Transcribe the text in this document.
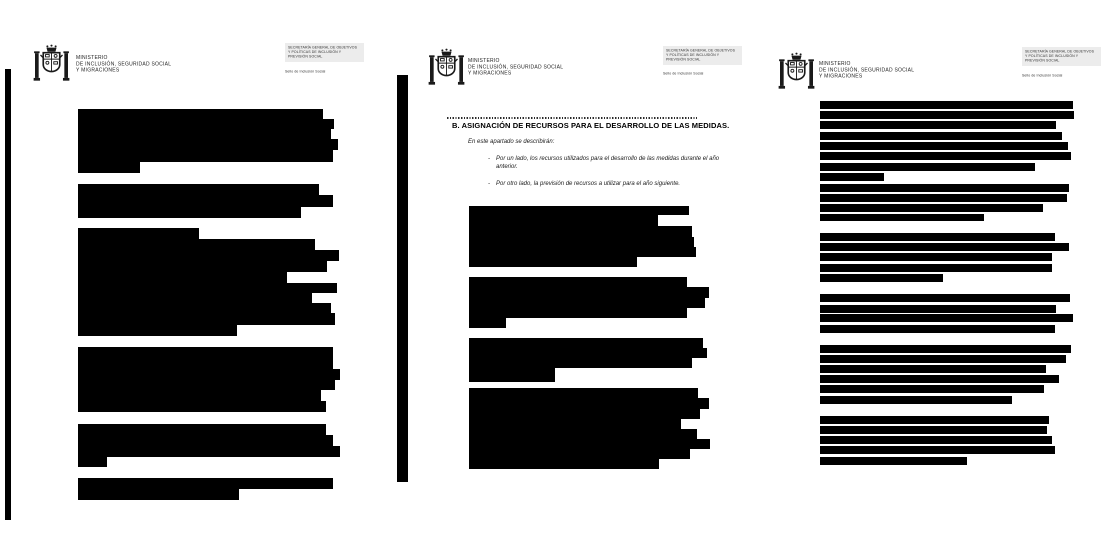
MINISTERIO
DE INCLUSIÓN, SEGURIDAD SOCIAL
Y MIGRACIONES
SECRETARÍA GENERAL DE OBJETIVOS
Y POLÍTICAS DE INCLUSIÓN Y
PREVISIÓN SOCIAL
Sello de Inclusión Social
MINISTERIO
DE INCLUSIÓN, SEGURIDAD SOCIAL
Y MIGRACIONES
SECRETARÍA GENERAL DE OBJETIVOS
Y POLÍTICAS DE INCLUSIÓN Y
PREVISIÓN SOCIAL
Sello de Inclusión Social
MINISTERIO
DE INCLUSIÓN, SEGURIDAD SOCIAL
Y MIGRACIONES
SECRETARÍA GENERAL DE OBJETIVOS
Y POLÍTICAS DE INCLUSIÓN Y
PREVISIÓN SOCIAL
Sello de Inclusión Social
B. ASIGNACIÓN DE RECURSOS PARA EL DESARROLLO DE LAS MEDIDAS.
En este apartado se describirán:
- Por un lado, los recursos utilizados para el desarrollo de las medidas durante el año anterior.
- Por otro lado, la previsión de recursos a utilizar para el año siguiente.
